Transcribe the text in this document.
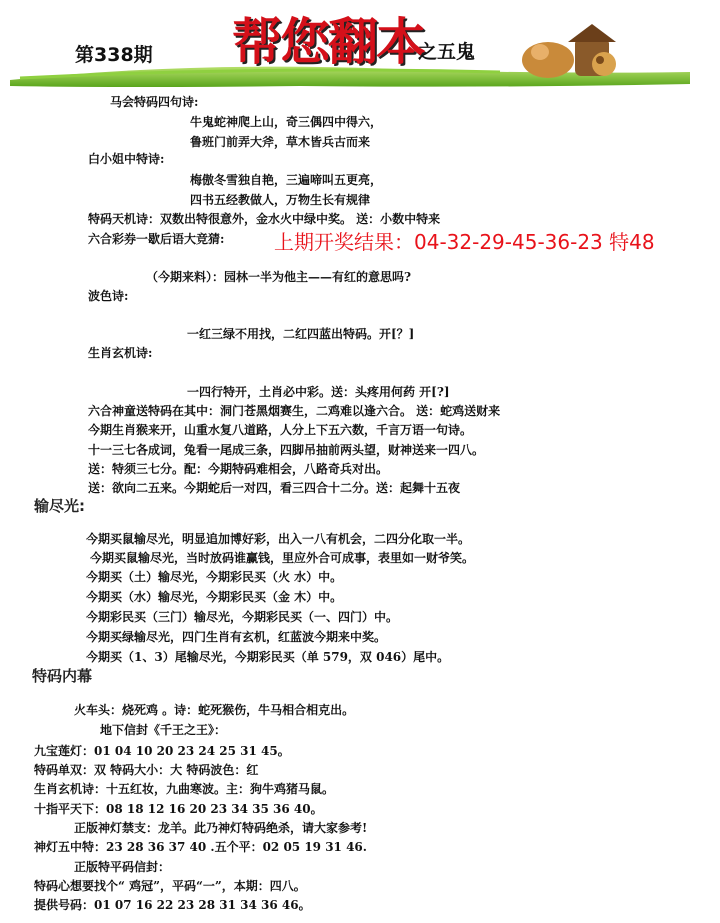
第338期 帮您翻本
之五鬼
上期开奖结果：04-32-29-45-36-23 特48
马会特码四句诗:
牛鬼蛇神爬上山，奇三偶四中得六，
鲁班门前弄大斧，草木皆兵古而来
白小姐中特诗:
梅傲冬雪独自艳，三遍啼叫五更亮，
四书五经教做人，万物生长有规律
特码天机诗：双数出特很意外，金水火中绿中奖。 送：小数中特来
六合彩券一歇后语大竞猜:
（今期来料）：园林一半为他主——有红的意思吗?
波色诗:
一红三绿不用找，二红四蓝出特码。开[？]
生肖玄机诗:
一四行特开，土肖必中彩。送：头疼用何药 开[?]
六合神童送特码在其中：洞门苍黑烟赛生，二鸡难以逢六合。 送：蛇鸡送财来
今期生肖猴来开，山重水复八道路，人分上下五六数，千言万语一句诗。
十一三七各成词，兔看一尾成三条，四脚吊抽前两头望，财神送来一四八。
送：特须三七分。配：今期特码难相会，八路奇兵对出。
送：欲向二五来。今期蛇后一对四，看三四合十二分。送：起舞十五夜
输尽光:
今期买鼠输尽光，明显追加博好彩，出入一八有机会，二四分化取一半。
今期买鼠输尽光，当时放码谁赢钱，里应外合可成事，表里如一财爷笑。
今期买（土）输尽光，今期彩民买（火 水）中。
今期买（水）输尽光，今期彩民买（金 木）中。
今期彩民买（三门）输尽光，今期彩民买（一、四门）中。
今期买绿输尽光，四门生肖有玄机，红蓝波今期来中奖。
今期买（1、3）尾输尽光，今期彩民买（单 579，双 046）尾中。
特码内幕
火车头：烧死鸡 。诗：蛇死猴伤，牛马相合相克出。
地下信封《千王之王》：
九宝莲灯：01 04 10 20 23 24 25 31 45。
特码单双：双 特码大小：大 特码波色：红
生肖玄机诗：十五红妆，九曲寒波。主：狗牛鸡猪马鼠。
十指平天下：08 18 12 16 20 23 34 35 36 40。
正版神灯禁支：龙羊。此乃神灯特码绝杀，请大家参考!
神灯五中特：23 28 36 37 40 .五个平：02 05 19 31 46.
正版特平码信封：
特码心想要找个“ 鸡冠”，平码“一”，本期：四八。
提供号码：01 07 16 22 23 28 31 34 36 46。
